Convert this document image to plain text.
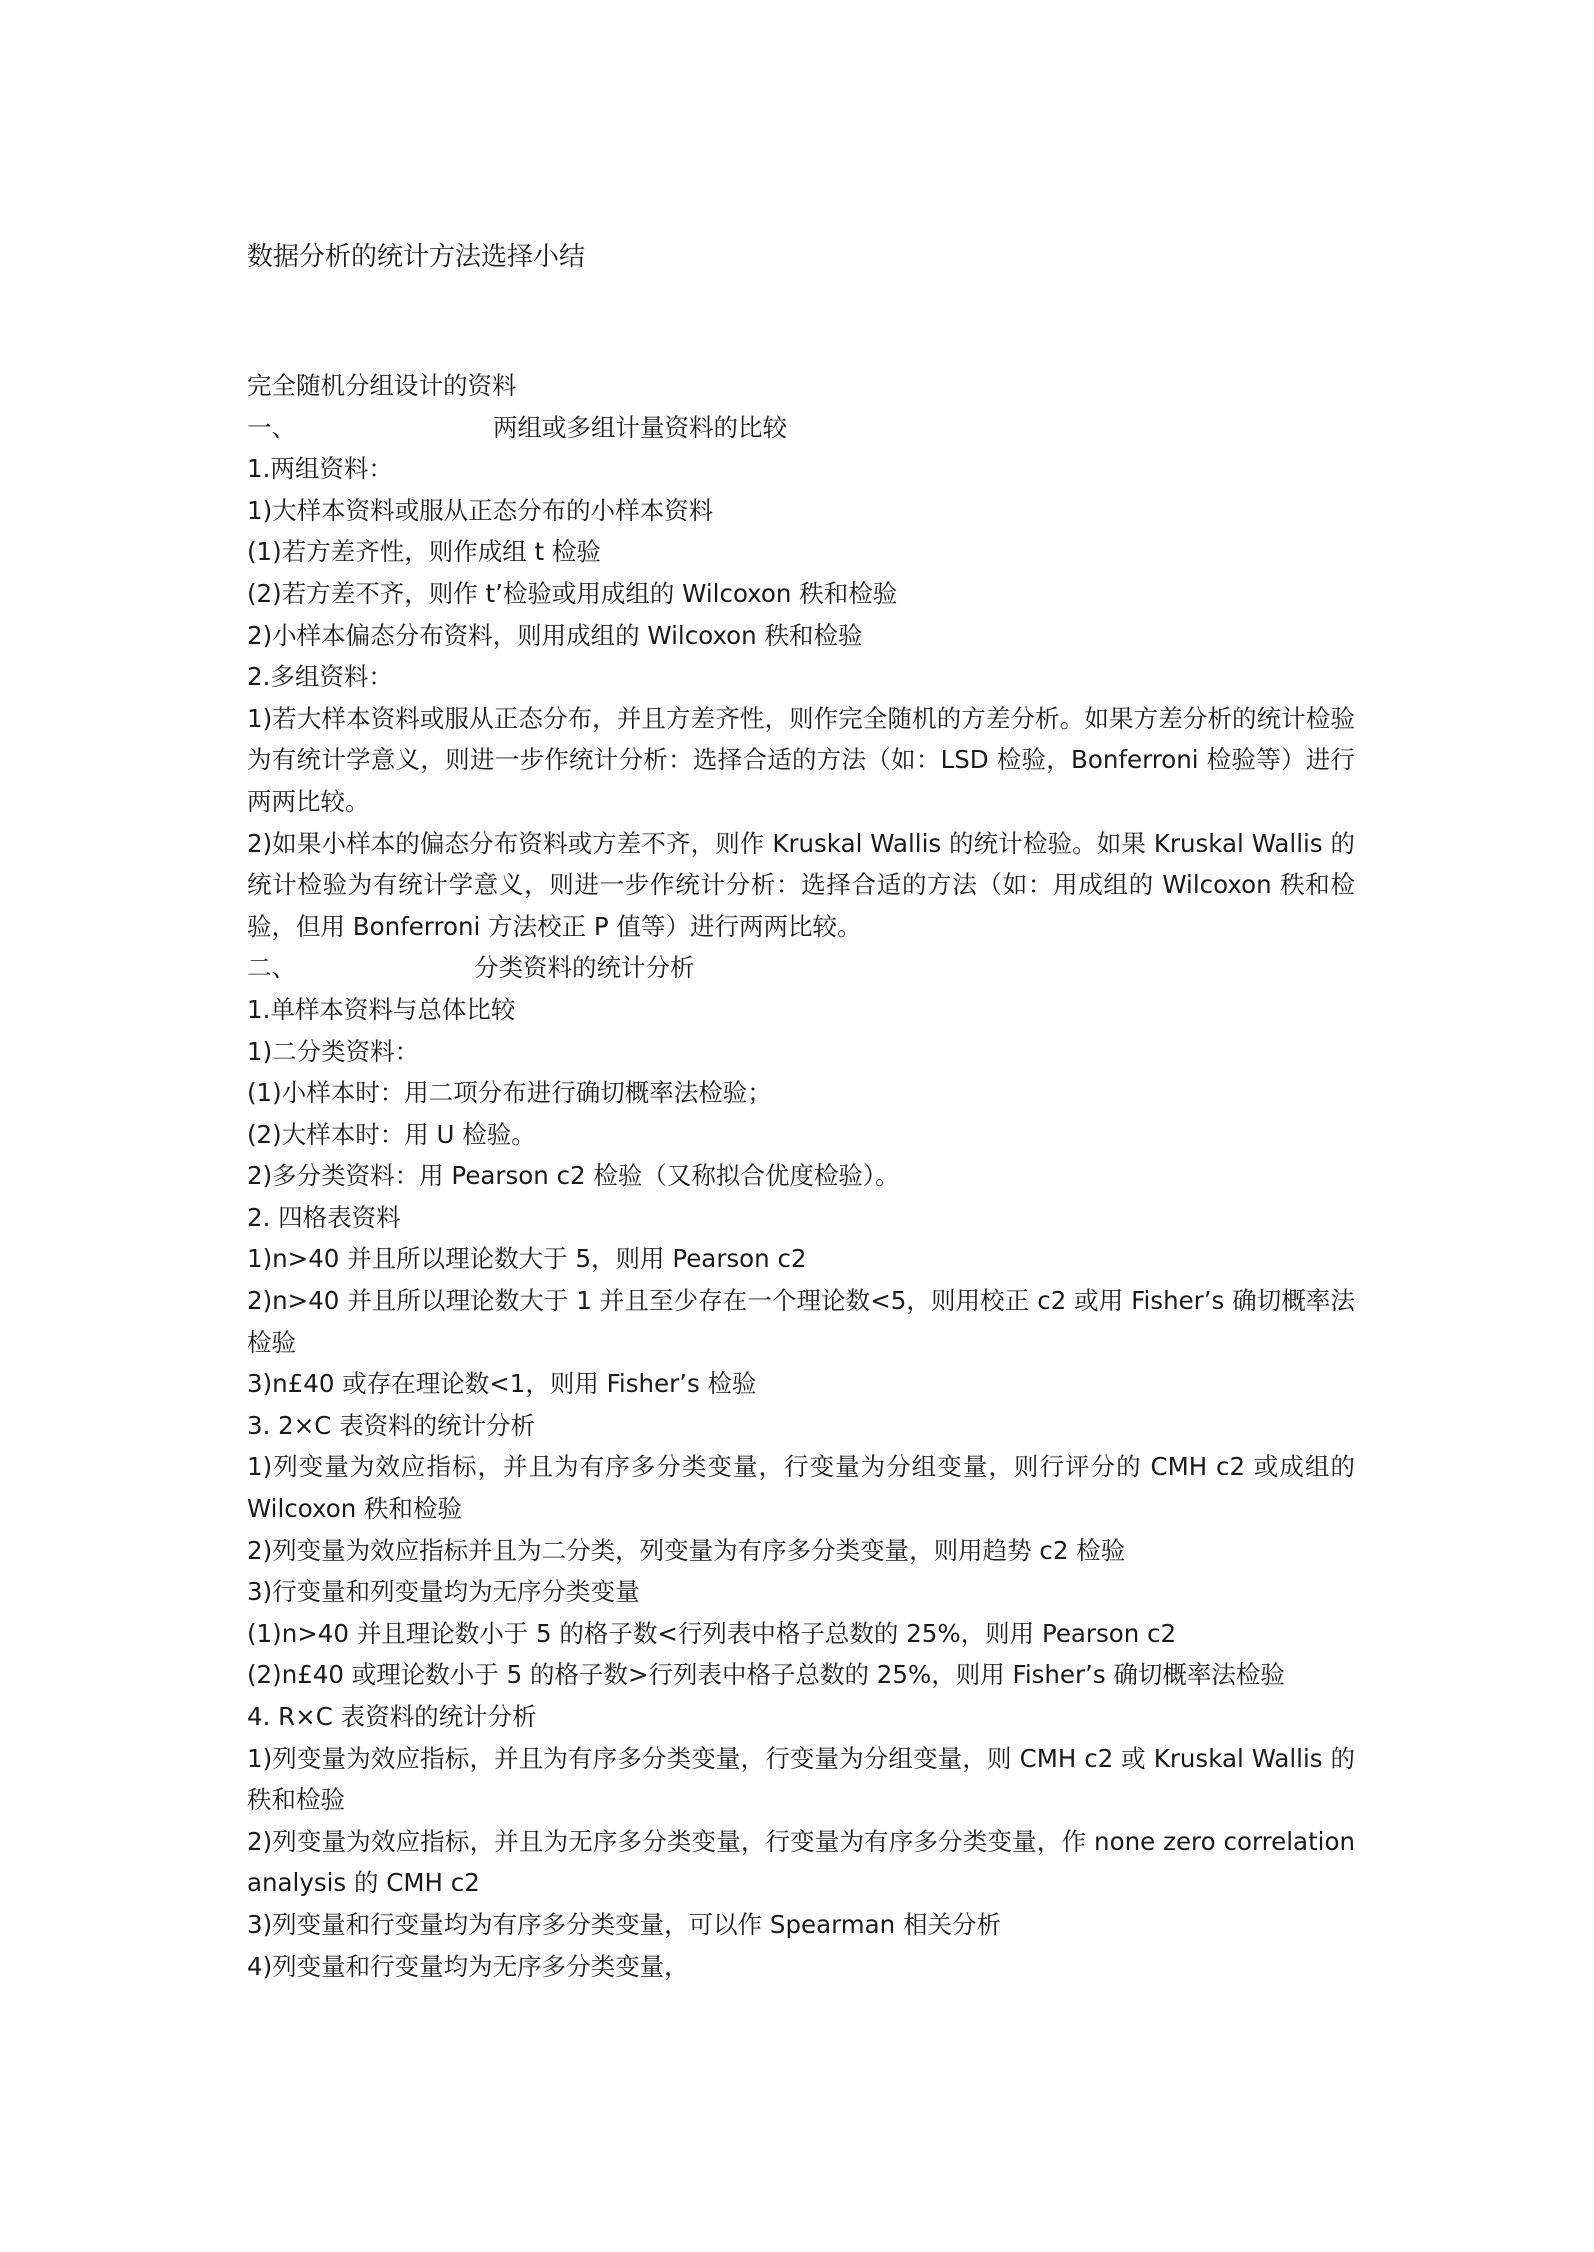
数据分析的统计方法选择小结
完全随机分组设计的资料
一、	两组或多组计量资料的比较
1.两组资料：
1)大样本资料或服从正态分布的小样本资料
(1)若方差齐性，则作成组 t 检验
(2)若方差不齐，则作 t’检验或用成组的 Wilcoxon 秩和检验
2)小样本偏态分布资料，则用成组的 Wilcoxon 秩和检验
2.多组资料：
1)若大样本资料或服从正态分布，并且方差齐性，则作完全随机的方差分析。如果方差分析的统计检验为有统计学意义，则进一步作统计分析：选择合适的方法（如：LSD 检验，Bonferroni 检验等）进行两两比较。
2)如果小样本的偏态分布资料或方差不齐，则作 Kruskal Wallis 的统计检验。如果 Kruskal Wallis 的统计检验为有统计学意义，则进一步作统计分析：选择合适的方法（如：用成组的 Wilcoxon 秩和检验，但用 Bonferroni 方法校正 P 值等）进行两两比较。
二、	分类资料的统计分析
1.单样本资料与总体比较
1)二分类资料：
(1)小样本时：用二项分布进行确切概率法检验；
(2)大样本时：用 U 检验。
2)多分类资料：用 Pearson c2 检验（又称拟合优度检验）。
2. 四格表资料
1)n>40 并且所以理论数大于 5，则用 Pearson c2
2)n>40 并且所以理论数大于 1 并且至少存在一个理论数<5，则用校正 c2 或用 Fisher’s 确切概率法检验
3)n£40 或存在理论数<1，则用 Fisher’s 检验
3. 2×C 表资料的统计分析
1)列变量为效应指标，并且为有序多分类变量，行变量为分组变量，则行评分的 CMH c2 或成组的 Wilcoxon 秩和检验
2)列变量为效应指标并且为二分类，列变量为有序多分类变量，则用趋势 c2 检验
3)行变量和列变量均为无序分类变量
(1)n>40 并且理论数小于 5 的格子数<行列表中格子总数的 25%，则用 Pearson c2
(2)n£40 或理论数小于 5 的格子数>行列表中格子总数的 25%，则用 Fisher’s 确切概率法检验
4. R×C 表资料的统计分析
1)列变量为效应指标，并且为有序多分类变量，行变量为分组变量，则 CMH c2 或 Kruskal Wallis 的秩和检验
2)列变量为效应指标，并且为无序多分类变量，行变量为有序多分类变量，作 none zero correlation analysis 的 CMH c2
3)列变量和行变量均为有序多分类变量，可以作 Spearman 相关分析
4)列变量和行变量均为无序多分类变量，
